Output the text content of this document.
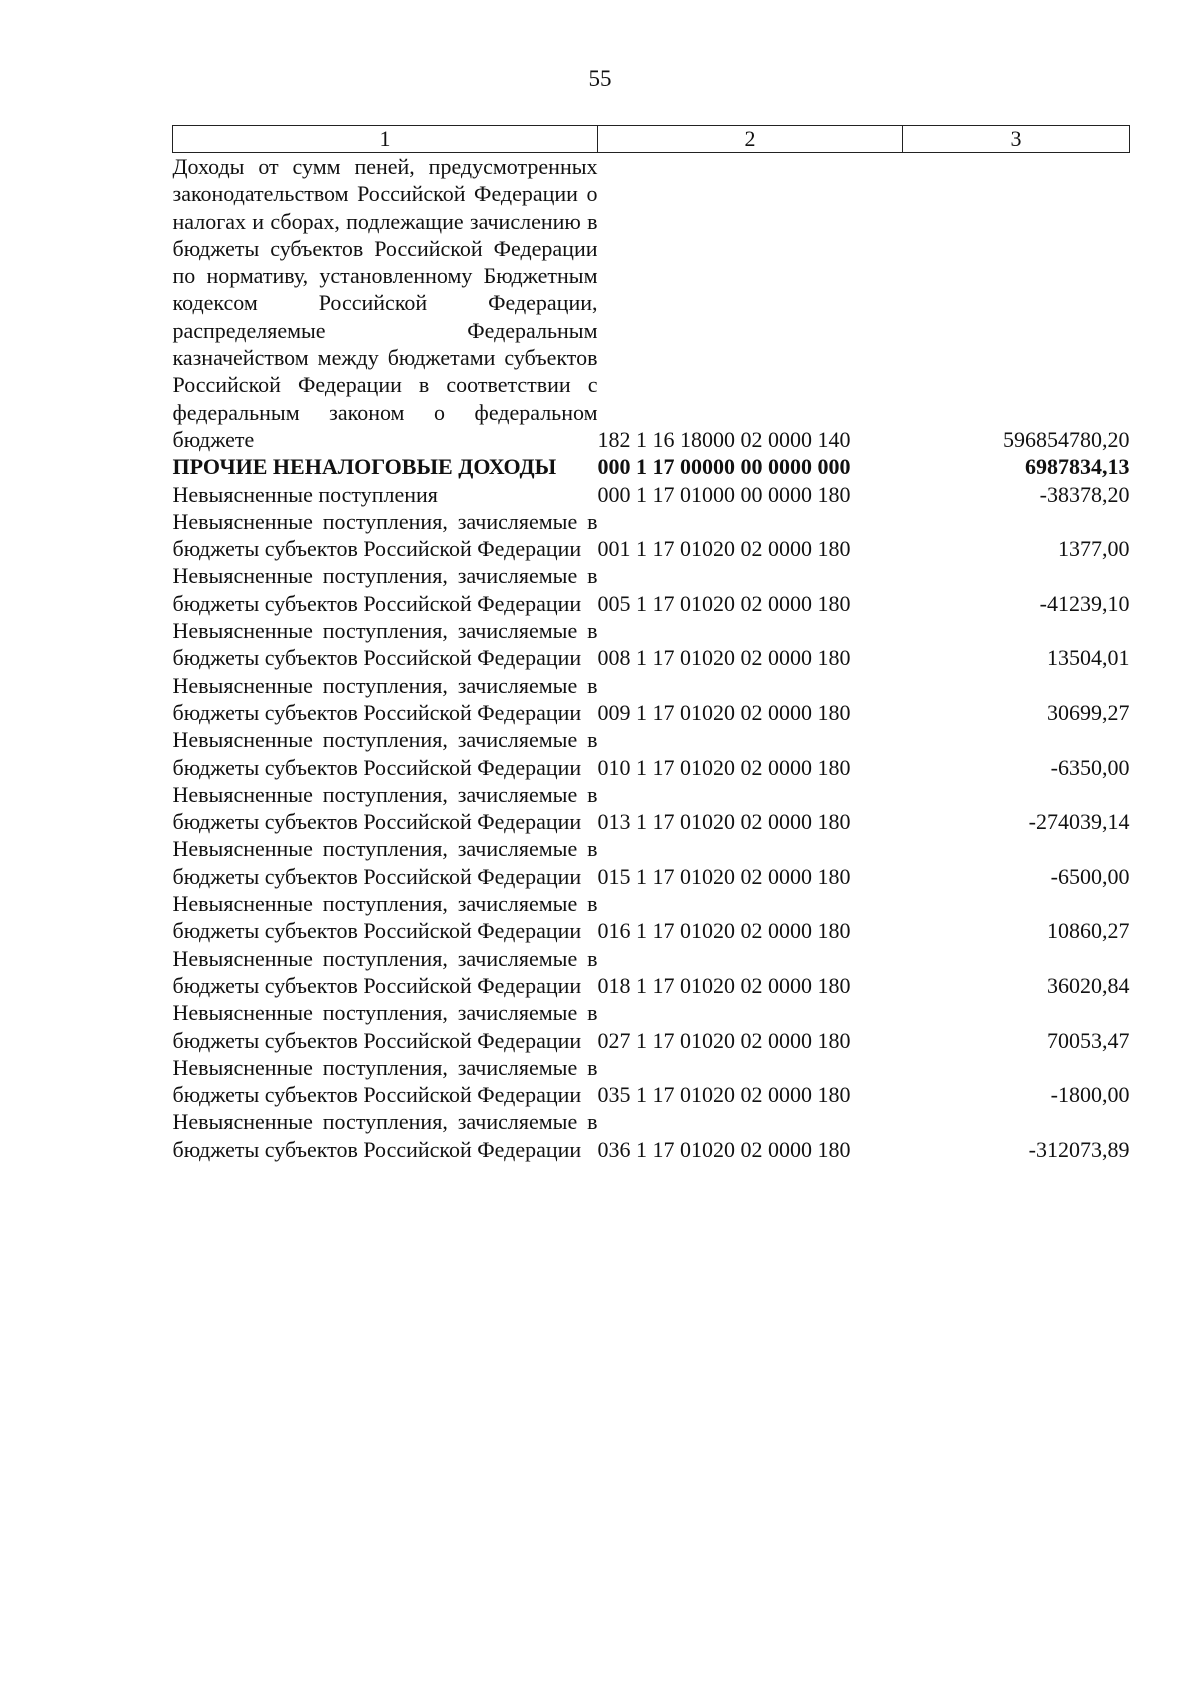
55
1	2	3
Доходы от сумм пеней, предусмотренных законодательством Российской Федерации о налогах и сборах, подлежащие зачислению в бюджеты субъектов Российской Федерации по нормативу, установленному Бюджетным кодексом Российской Федерации, распределяемые Федеральным казначейством между бюджетами субъектов Российской Федерации в соответствии с федеральным законом о федеральном бюджете	182 1 16 18000 02 0000 140	596854780,20
ПРОЧИЕ НЕНАЛОГОВЫЕ ДОХОДЫ	000 1 17 00000 00 0000 000	6987834,13
Невыясненные поступления	000 1 17 01000 00 0000 180	-38378,20
Невыясненные поступления, зачисляемые в бюджеты субъектов Российской Федерации	001 1 17 01020 02 0000 180	1377,00
Невыясненные поступления, зачисляемые в бюджеты субъектов Российской Федерации	005 1 17 01020 02 0000 180	-41239,10
Невыясненные поступления, зачисляемые в бюджеты субъектов Российской Федерации	008 1 17 01020 02 0000 180	13504,01
Невыясненные поступления, зачисляемые в бюджеты субъектов Российской Федерации	009 1 17 01020 02 0000 180	30699,27
Невыясненные поступления, зачисляемые в бюджеты субъектов Российской Федерации	010 1 17 01020 02 0000 180	-6350,00
Невыясненные поступления, зачисляемые в бюджеты субъектов Российской Федерации	013 1 17 01020 02 0000 180	-274039,14
Невыясненные поступления, зачисляемые в бюджеты субъектов Российской Федерации	015 1 17 01020 02 0000 180	-6500,00
Невыясненные поступления, зачисляемые в бюджеты субъектов Российской Федерации	016 1 17 01020 02 0000 180	10860,27
Невыясненные поступления, зачисляемые в бюджеты субъектов Российской Федерации	018 1 17 01020 02 0000 180	36020,84
Невыясненные поступления, зачисляемые в бюджеты субъектов Российской Федерации	027 1 17 01020 02 0000 180	70053,47
Невыясненные поступления, зачисляемые в бюджеты субъектов Российской Федерации	035 1 17 01020 02 0000 180	-1800,00
Невыясненные поступления, зачисляемые в бюджеты субъектов Российской Федерации	036 1 17 01020 02 0000 180	-312073,89
